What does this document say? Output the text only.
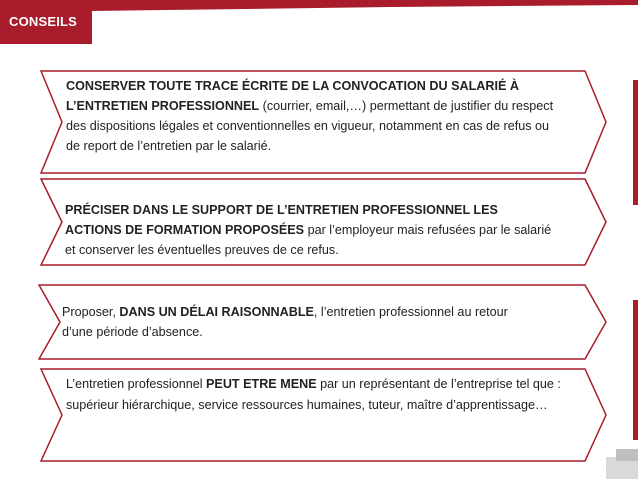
CONSEILS
CONSERVER TOUTE TRACE ÉCRITE DE LA CONVOCATION DU SALARIÉ À L’ENTRETIEN PROFESSIONNEL (courrier, email,…) permettant de justifier du respect des dispositions légales et conventionnelles en vigueur, notamment en cas de refus ou de report de l’entretien par le salarié.
PRÉCISER DANS LE SUPPORT DE L’ENTRETIEN PROFESSIONNEL LES ACTIONS DE FORMATION PROPOSÉES par l’employeur mais refusées par le salarié et conserver les éventuelles preuves de ce refus.
Proposer, DANS UN DÉLAI RAISONNABLE, l’entretien professionnel au retour d’une période d’absence.
L’entretien professionnel PEUT ETRE MENE par un représentant de l’entreprise tel que : supérieur hiérarchique, service ressources humaines, tuteur, maître d’apprentissage…
